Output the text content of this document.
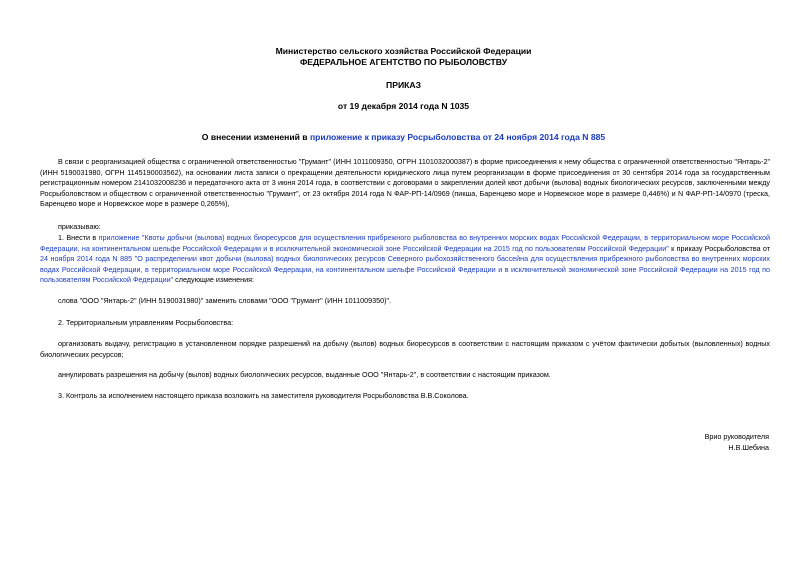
Министерство сельского хозяйства Российской Федерации
ФЕДЕРАЛЬНОЕ АГЕНТСТВО ПО РЫБОЛОВСТВУ
ПРИКАЗ
от 19 декабря 2014 года N 1035
О внесении изменений в приложение к приказу Росрыболовства от 24 ноября 2014 года N 885
В связи с реорганизацией общества с ограниченной ответственностью "Грумант" (ИНН 1011009350, ОГРН 1101032000387) в форме присоединения к нему общества с ограниченной ответственностью "Янтарь-2" (ИНН 5190031980, ОГРН 1145190003562), на основании листа записи о прекращении деятельности юридического лица путем реорганизации в форме присоединения от 30 сентября 2014 года за государственным регистрационным номером 2141032008236 и передаточного акта от 3 июня 2014 года, в соответствии с договорами о закреплении долей квот добычи (вылова) водных биологических ресурсов, заключенными между Росрыболовством и обществом с ограниченной ответственностью "Грумант", от 23 октября 2014 года N ФАР-РП-14/0969 (пикша, Баренцево море и Норвежское море в размере 0,446%) и N ФАР-РП-14/0970 (треска, Баренцево море и Норвежское море в размере 0,265%),
приказываю:
1. Внести в приложение "Квоты добычи (вылова) водных биоресурсов для осуществления прибрежного рыболовства во внутренних морских водах Российской Федерации, в территориальном море Российской Федерации, на континентальном шельфе Российской Федерации и в исключительной экономической зоне Российской Федерации на 2015 год по пользователям Российской Федерации" к приказу Росрыболовства от 24 ноября 2014 года N 885 "О распределении квот добычи (вылова) водных биологических ресурсов Северного рыбохозяйственного бассейна для осуществления прибрежного рыболовства во внутренних морских водах Российской Федерации, в территориальном море Российской Федерации, на континентальном шельфе Российской Федерации и в исключительной экономической зоне Российской Федерации на 2015 год по пользователям Российской Федерации" следующие изменения:
слова "ООО "Янтарь-2" (ИНН 5190031980)" заменить словами "ООО "Грумант" (ИНН 1011009350)".
2. Территориальным управлениям Росрыболовства:
организовать выдачу, регистрацию в установленном порядке разрешений на добычу (вылов) водных биоресурсов в соответствии с настоящим приказом с учётом фактически добытых (выловленных) водных биологических ресурсов;
аннулировать разрешения на добычу (вылов) водных биологических ресурсов, выданные ООО "Янтарь-2", в соответствии с настоящим приказом.
3. Контроль за исполнением настоящего приказа возложить на заместителя руководителя Росрыболовства В.В.Соколова.
Врио руководителя
Н.В.Шебина
